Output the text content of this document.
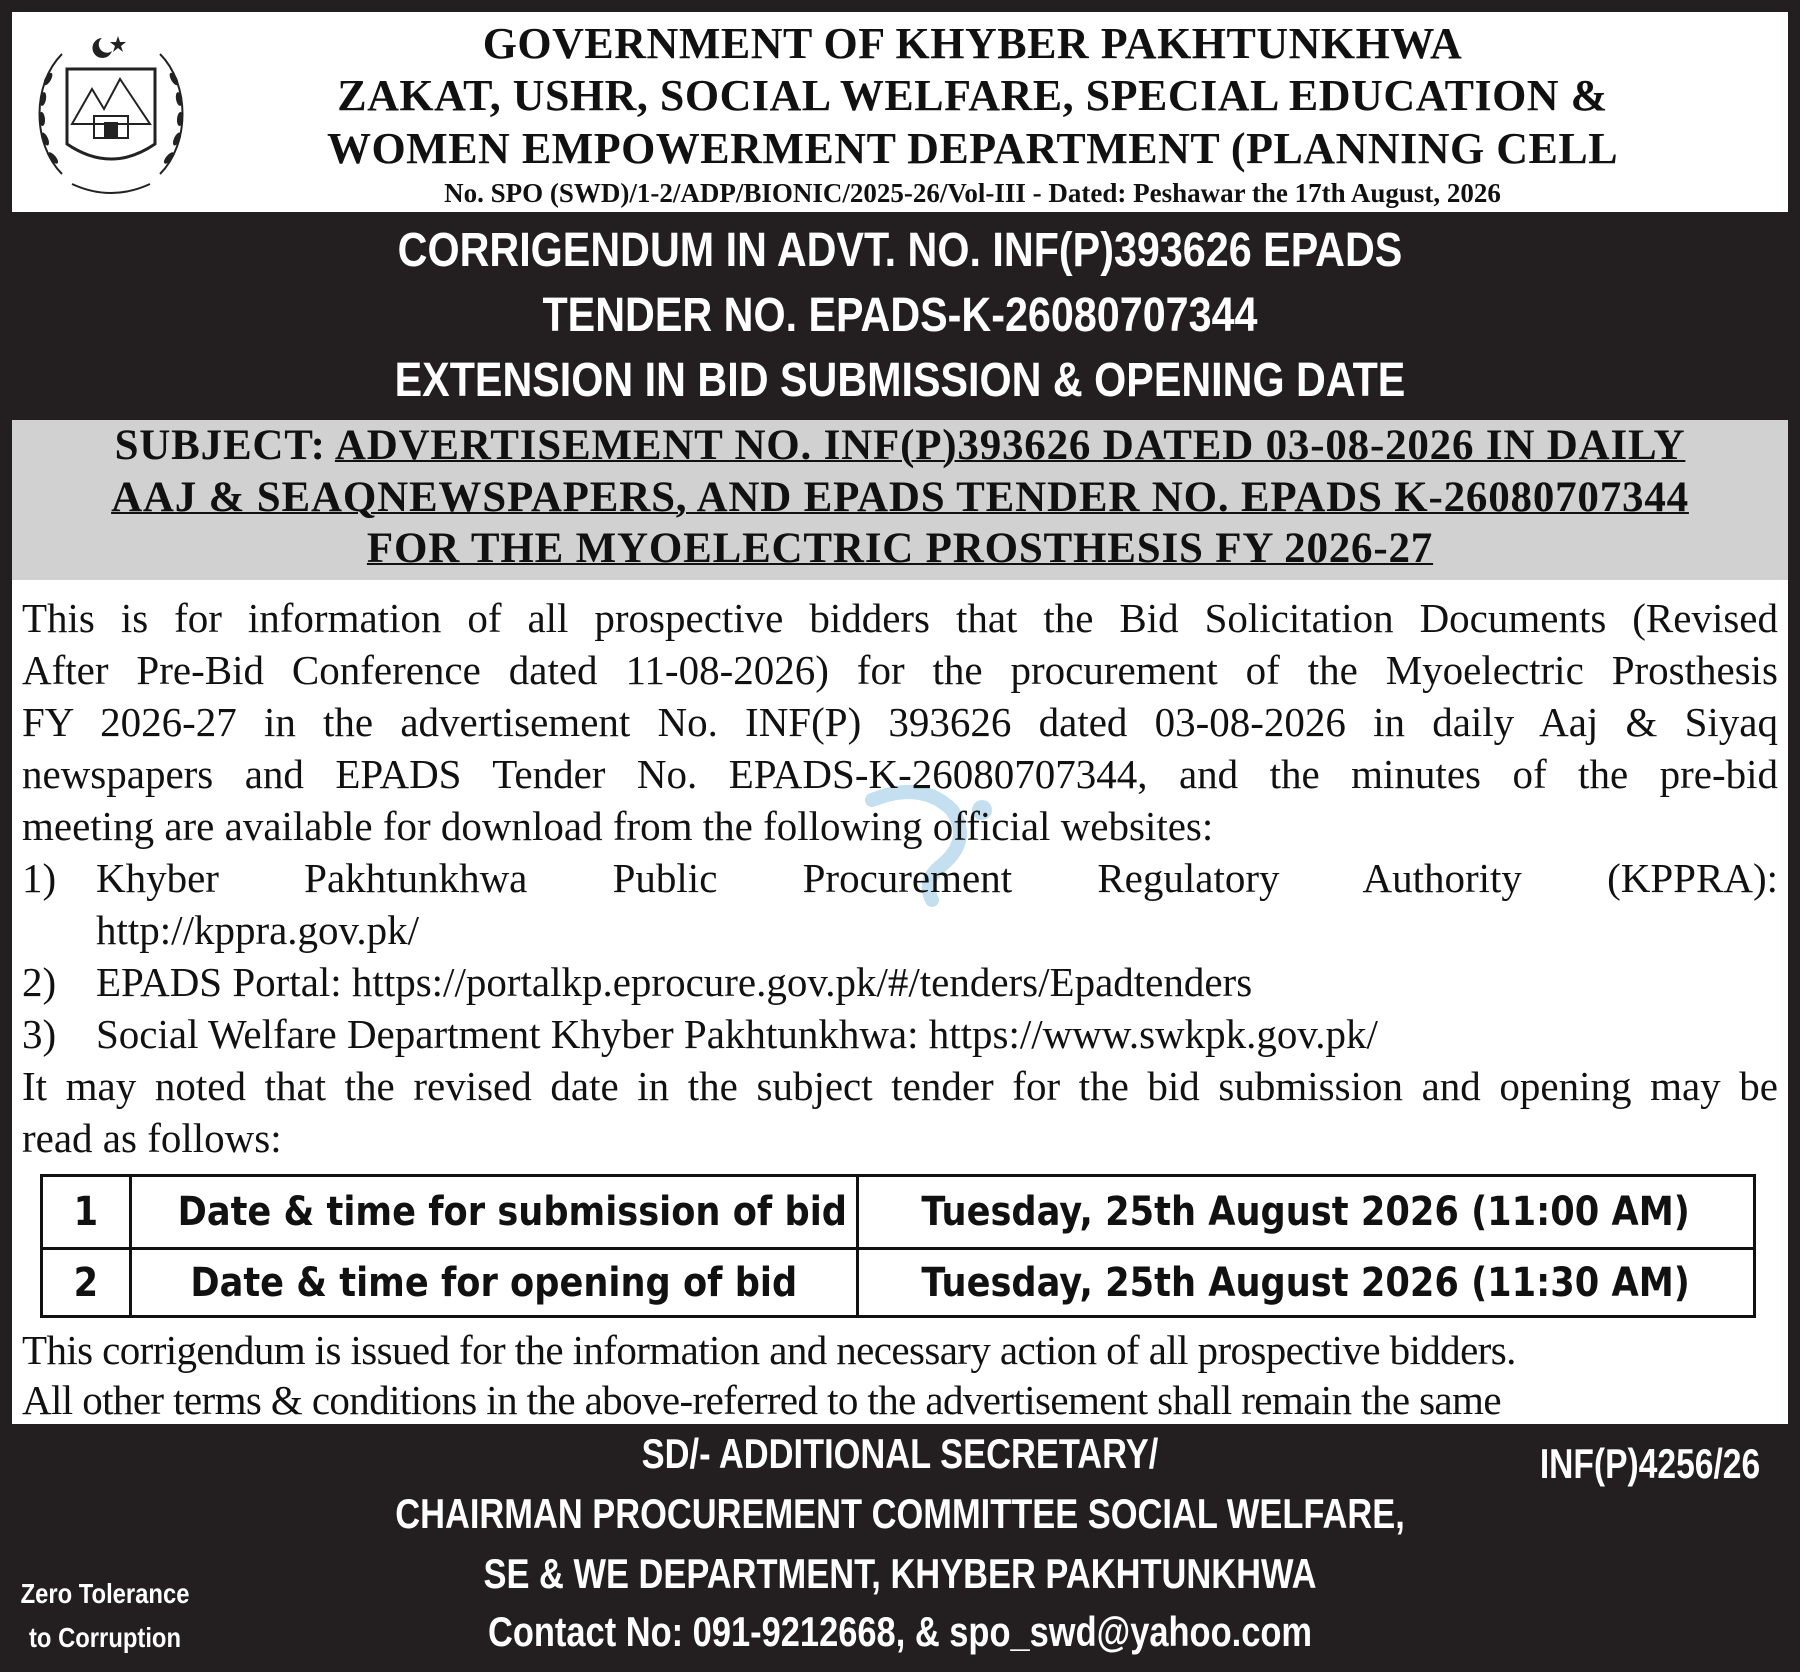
GOVERNMENT OF KHYBER PAKHTUNKHWA
ZAKAT, USHR, SOCIAL WELFARE, SPECIAL EDUCATION &
WOMEN EMPOWERMENT DEPARTMENT (PLANNING CELL
No. SPO (SWD)/1-2/ADP/BIONIC/2025-26/Vol-III - Dated: Peshawar the 17th August, 2026
CORRIGENDUM IN ADVT. NO. INF(P)393626 EPADS
TENDER NO. EPADS-K-26080707344
EXTENSION IN BID SUBMISSION & OPENING DATE
SUBJECT: ADVERTISEMENT NO. INF(P)393626 DATED 03-08-2026 IN DAILY
AAJ & SEAQNEWSPAPERS, AND EPADS TENDER NO. EPADS K-26080707344
FOR THE MYOELECTRIC PROSTHESIS FY 2026-27
This is for information of all prospective bidders that the Bid Solicitation Documents (Revised
After Pre-Bid Conference dated 11-08-2026) for the procurement of the Myoelectric Prosthesis
FY 2026-27 in the advertisement No. INF(P) 393626 dated 03-08-2026 in daily Aaj & Siyaq
newspapers and EPADS Tender No. EPADS-K-26080707344, and the minutes of the pre-bid
meeting are available for download from the following official websites:
1) Khyber Pakhtunkhwa Public Procurement Regulatory Authority (KPPRA):
http://kppra.gov.pk/
2) EPADS Portal: https://portalkp.eprocure.gov.pk/#/tenders/Epadtenders
3) Social Welfare Department Khyber Pakhtunkhwa: https://www.swkpk.gov.pk/
It may noted that the revised date in the subject tender for the bid submission and opening may be
read as follows:
1	Date & time for submission of bid	Tuesday, 25th August 2026 (11:00 AM)
2	Date & time for opening of bid	Tuesday, 25th August 2026 (11:30 AM)
This corrigendum is issued for the information and necessary action of all prospective bidders.
All other terms & conditions in the above-referred to the advertisement shall remain the same
SD/- ADDITIONAL SECRETARY/
CHAIRMAN PROCUREMENT COMMITTEE SOCIAL WELFARE,
SE & WE DEPARTMENT, KHYBER PAKHTUNKHWA
Contact No: 091-9212668, & spo_swd@yahoo.com
INF(P)4256/26
Zero Tolerance
to Corruption
